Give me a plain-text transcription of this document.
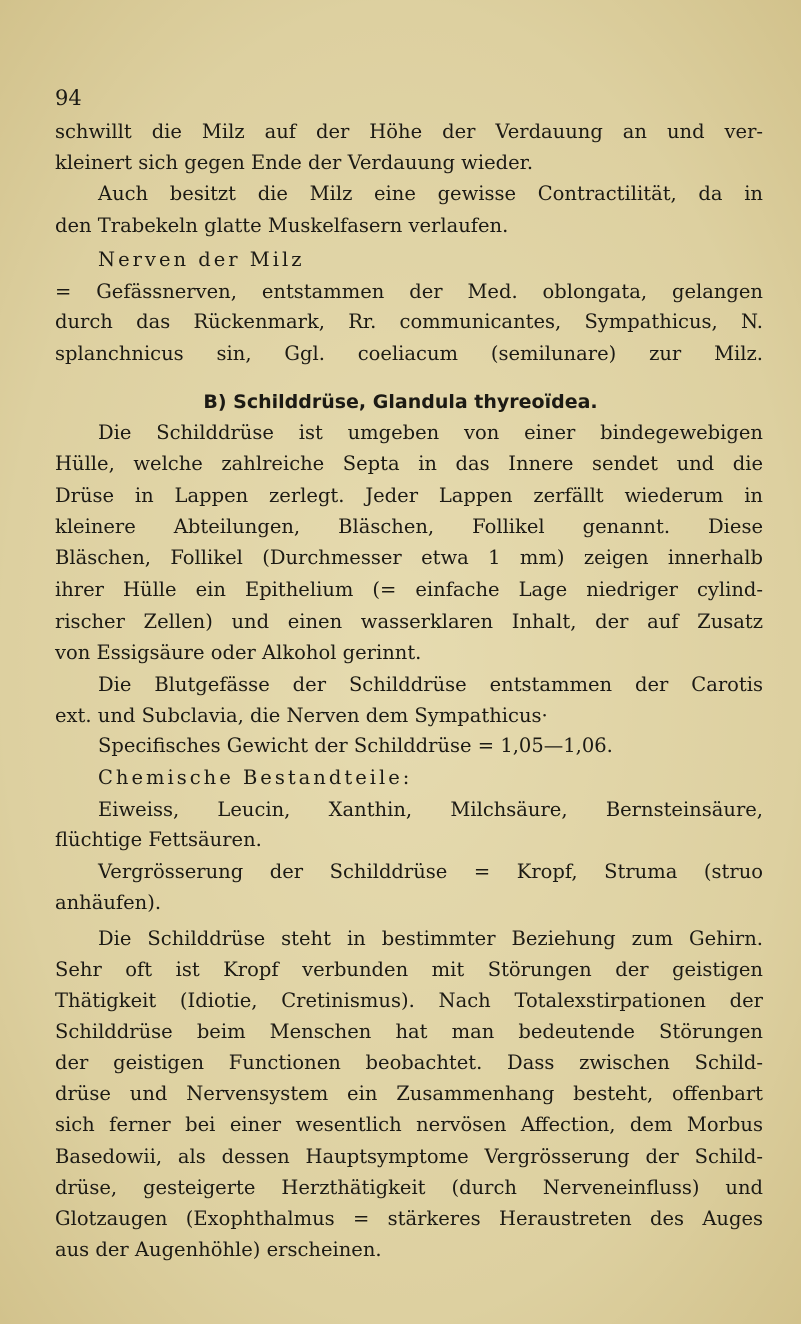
94
B) Schilddrüse, Glandula thyreoïdea.
schwillt die Milz auf der Höhe der Verdauung an und ver-
kleinert sich gegen Ende der Verdauung wieder.
Auch besitzt die Milz eine gewisse Contractilität, da in
den Trabekeln glatte Muskelfasern verlaufen.
Nerven der Milz
= Gefässnerven, entstammen der Med. oblongata, gelangen
durch das Rückenmark, Rr. communicantes, Sympathicus, N.
splanchnicus sin, Ggl. coeliacum (semilunare) zur Milz.
Die Schilddrüse ist umgeben von einer bindegewebigen
Hülle, welche zahlreiche Septa in das Innere sendet und die
Drüse in Lappen zerlegt. Jeder Lappen zerfällt wiederum in
kleinere Abteilungen, Bläschen, Follikel genannt. Diese
Bläschen, Follikel (Durchmesser etwa 1 mm) zeigen innerhalb
ihrer Hülle ein Epithelium (= einfache Lage niedriger cylind-
rischer Zellen) und einen wasserklaren Inhalt, der auf Zusatz
von Essigsäure oder Alkohol gerinnt.
Die Blutgefässe der Schilddrüse entstammen der Carotis
ext. und Subclavia, die Nerven dem Sympathicus·
Specifisches Gewicht der Schilddrüse = 1,05—1,06.
Chemische Bestandteile:
Eiweiss, Leucin, Xanthin, Milchsäure, Bernsteinsäure,
flüchtige Fettsäuren.
Vergrösserung der Schilddrüse = Kropf, Struma (struo
anhäufen).
Die Schilddrüse steht in bestimmter Beziehung zum Gehirn.
Sehr oft ist Kropf verbunden mit Störungen der geistigen
Thätigkeit (Idiotie, Cretinismus). Nach Totalexstirpationen der
Schilddrüse beim Menschen hat man bedeutende Störungen
der geistigen Functionen beobachtet. Dass zwischen Schild-
drüse und Nervensystem ein Zusammenhang besteht, offenbart
sich ferner bei einer wesentlich nervösen Affection, dem Morbus
Basedowii, als dessen Hauptsymptome Vergrösserung der Schild-
drüse, gesteigerte Herzthätigkeit (durch Nerveneinfluss) und
Glotzaugen (Exophthalmus = stärkeres Heraustreten des Auges
aus der Augenhöhle) erscheinen.
